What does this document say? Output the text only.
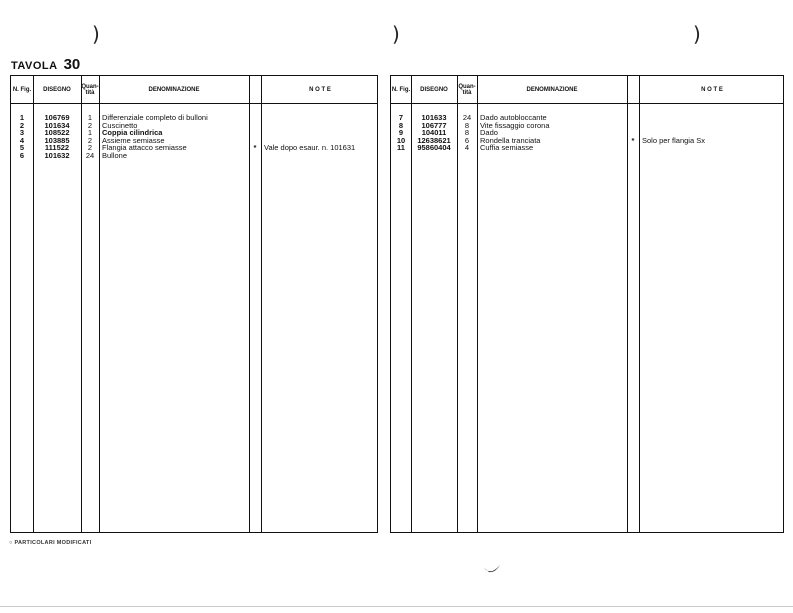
)	)	)
TAVOLA 30
N. Fig.	DISEGNO	Quan-tità	DENOMINAZIONE	N O T E
1	106769	1	Differenziale completo di bulloni
2	101634	2	Cuscinetto
3	108522	1	Coppia cilindrica
4	103885	2	Assieme semiasse
5	111522	2	Flangia attacco semiasse	*	Vale dopo esaur. n. 101631
6	101632	24	Bullone
N. Fig.	DISEGNO	Quan-tità	DENOMINAZIONE	N O T E
7	101633	24	Dado autobloccante
8	106777	8	Vite fissaggio corona
9	104011	8	Dado
10	12638621	6	Rondella tranciata	*	Solo per flangia Sx
11	95860404	4	Cuffia semiasse
○ PARTICOLARI MODIFICATI
